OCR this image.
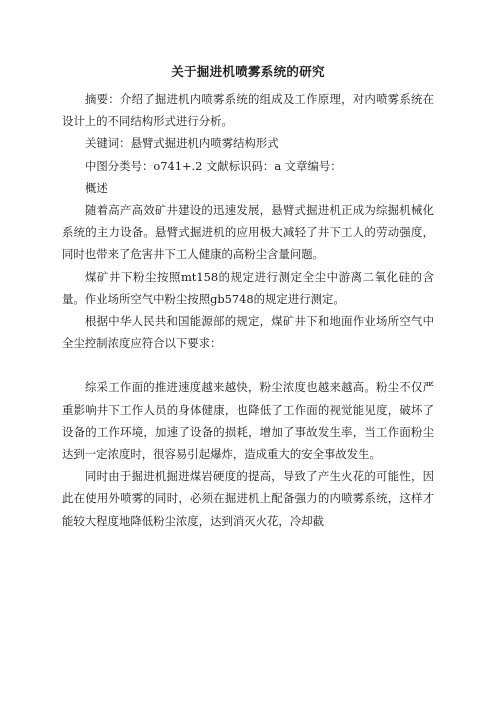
关于掘进机喷雾系统的研究

摘要：介绍了掘进机内喷雾系统的组成及工作原理，对内喷雾系统在设计上的不同结构形式进行分析。

关键词：悬臂式掘进机内喷雾结构形式

中图分类号：o741+.2 文献标识码：a 文章编号：

概述

随着高产高效矿井建设的迅速发展，悬臂式掘进机正成为综掘机械化系统的主力设备。悬臂式掘进机的应用极大减轻了井下工人的劳动强度，同时也带来了危害井下工人健康的高粉尘含量问题。

煤矿井下粉尘按照mt158的规定进行测定全尘中游离二氧化硅的含量。作业场所空气中粉尘按照gb5748的规定进行测定。

根据中华人民共和国能源部的规定，煤矿井下和地面作业场所空气中全尘控制浓度应符合以下要求：

综采工作面的推进速度越来越快，粉尘浓度也越来越高。粉尘不仅严重影响井下工作人员的身体健康，也降低了工作面的视觉能见度，破坏了设备的工作环境，加速了设备的损耗，增加了事故发生率，当工作面粉尘达到一定浓度时，很容易引起爆炸，造成重大的安全事故发生。

同时由于掘进机掘进煤岩硬度的提高，导致了产生火花的可能性，因此在使用外喷雾的同时，必须在掘进机上配备强力的内喷雾系统，这样才能较大程度地降低粉尘浓度，达到消灭火花，冷却截
